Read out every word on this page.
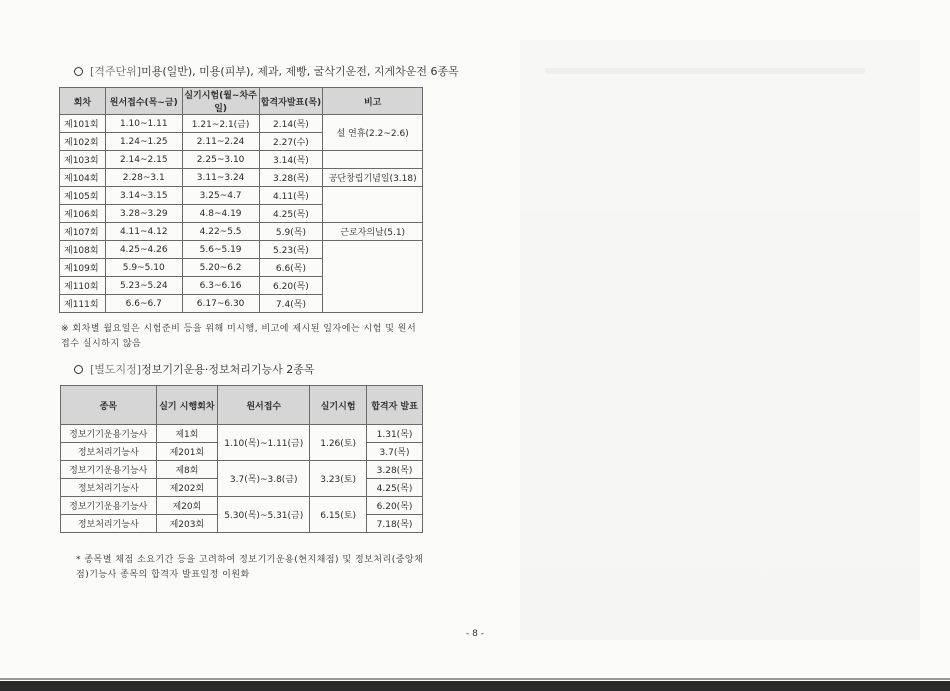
[격주단위]미용(일반), 미용(피부), 제과, 제빵, 굴삭기운전, 지게차운전 6종목
회차	원서접수(목~금)	실기시험(월~차주일)	합격자발표(목)	비고
제101회	1.10~1.11	1.21~2.1(금)	2.14(목)	설 연휴(2.2~2.6)
제102회	1.24~1.25	2.11~2.24	2.27(수)	
제103회	2.14~2.15	2.25~3.10	3.14(목)	
제104회	2.28~3.1	3.11~3.24	3.28(목)	공단창립기념일(3.18)
제105회	3.14~3.15	3.25~4.7	4.11(목)	
제106회	3.28~3.29	4.8~4.19	4.25(목)	
제107회	4.11~4.12	4.22~5.5	5.9(목)	근로자의날(5.1)
제108회	4.25~4.26	5.6~5.19	5.23(목)	
제109회	5.9~5.10	5.20~6.2	6.6(목)	
제110회	5.23~5.24	6.3~6.16	6.20(목)	
제111회	6.6~6.7	6.17~6.30	7.4(목)	
※ 회차별 월요일은 시험준비 등을 위해 미시행, 비고에 제시된 일자에는 시험 및 원서접수 실시하지 않음
[별도지정]정보기기운용·정보처리기능사 2종목
종목	실기 시행회차	원서접수	실기시험	합격자 발표
정보기기운용기능사	제1회	1.10(목)~1.11(금)	1.26(토)	1.31(목)
정보처리기능사	제201회			3.7(목)
정보기기운용기능사	제8회	3.7(목)~3.8(금)	3.23(토)	3.28(목)
정보처리기능사	제202회			4.25(목)
정보기기운용기능사	제20회	5.30(목)~5.31(금)	6.15(토)	6.20(목)
정보처리기능사	제203회			7.18(목)
* 종목별 채점 소요기간 등을 고려하여 정보기기운용(현지채점) 및 정보처리(중앙채점)기능사 종목의 합격자 발표일정 이원화
- 8 -
